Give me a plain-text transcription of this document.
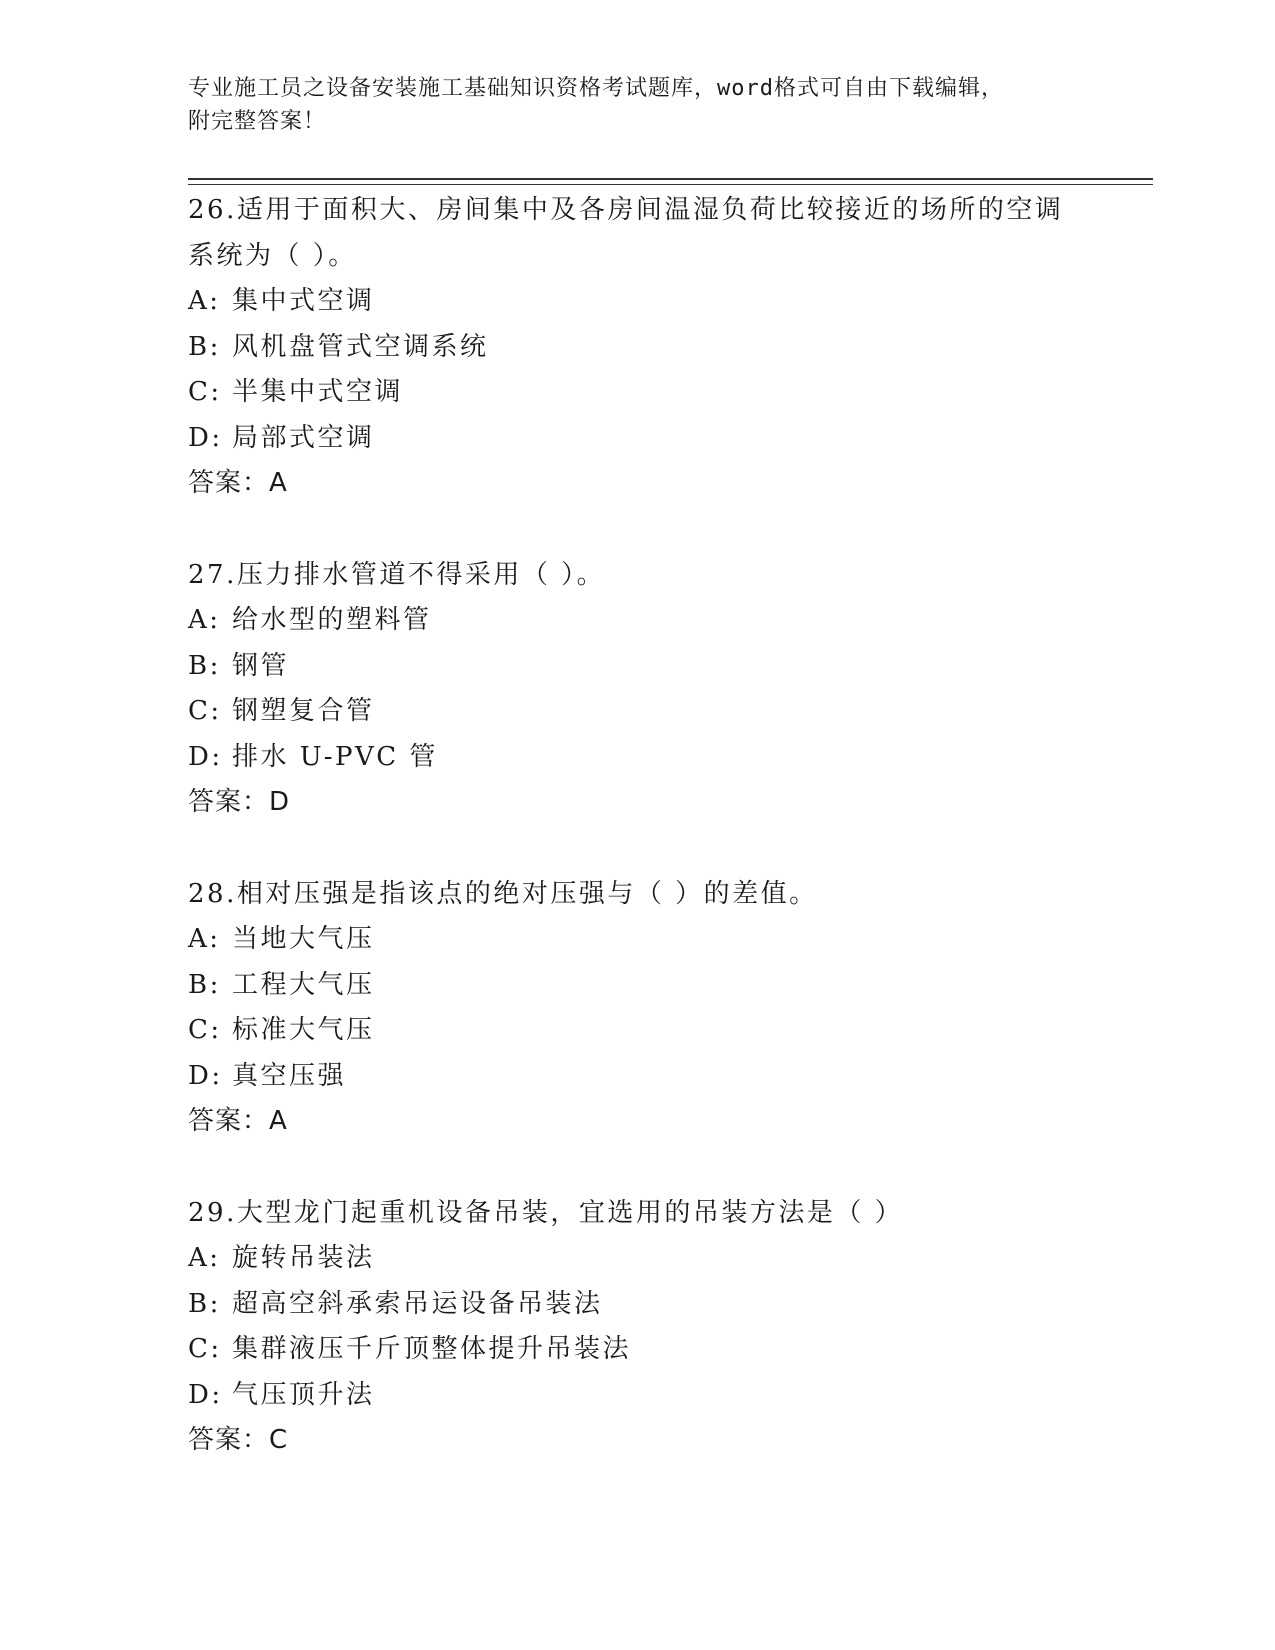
专业施工员之设备安装施工基础知识资格考试题库，word格式可自由下载编辑，
附完整答案！
26.适用于面积大、房间集中及各房间温湿负荷比较接近的场所的空调
系统为（ ）。
A: 集中式空调
B: 风机盘管式空调系统
C: 半集中式空调
D: 局部式空调
答案：A
27.压力排水管道不得采用（ ）。
A: 给水型的塑料管
B: 钢管
C: 钢塑复合管
D: 排水 U-PVC 管
答案：D
28.相对压强是指该点的绝对压强与（ ）的差值。
A: 当地大气压
B: 工程大气压
C: 标准大气压
D: 真空压强
答案：A
29.大型龙门起重机设备吊装，宜选用的吊装方法是（ ）
A: 旋转吊装法
B: 超高空斜承索吊运设备吊装法
C: 集群液压千斤顶整体提升吊装法
D: 气压顶升法
答案：C
